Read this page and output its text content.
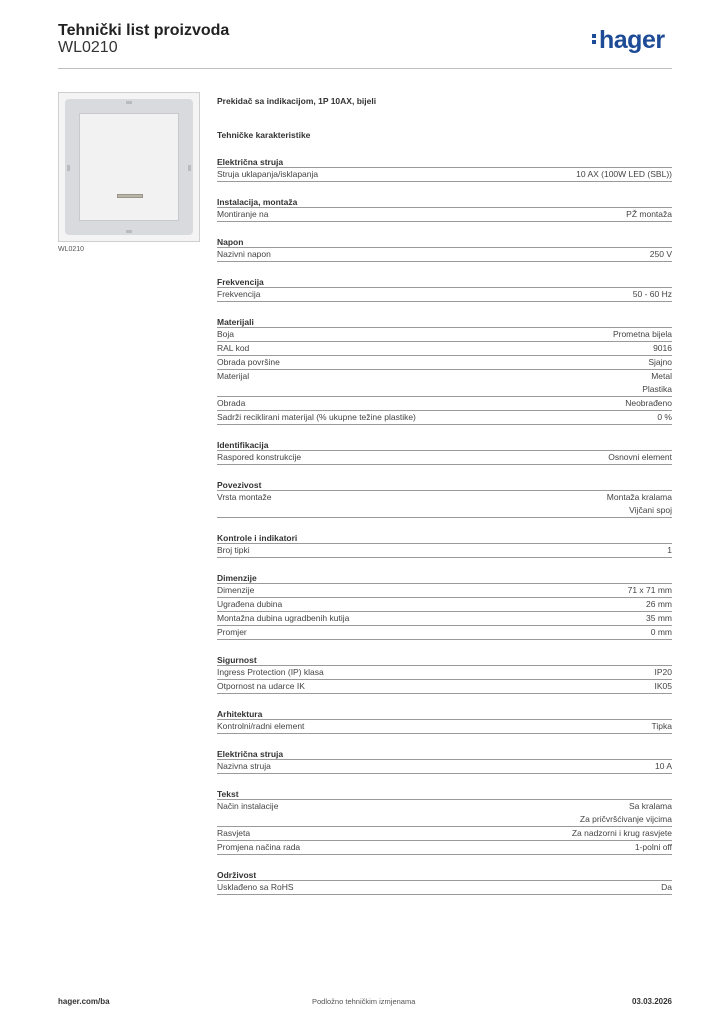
Tehnički list proizvoda
WL0210	hager
WL0210
Prekidač sa indikacijom, 1P 10AX, bijeli
Tehničke karakteristike
Električna struja
Struja uklapanja/isklapanja	10 AX (100W LED (SBL))
Instalacija, montaža
Montiranje na	PŽ montaža
Napon
Nazivni napon	250 V
Frekvencija
Frekvencija	50 - 60 Hz
Materijali
Boja	Prometna bijela
RAL kod	9016
Obrada površine	Sjajno
Materijal	Metal
Plastika
Obrada	Neobrađeno
Sadrži reciklirani materijal (% ukupne težine plastike)	0 %
Identifikacija
Raspored konstrukcije	Osnovni element
Povezivost
Vrsta montaže	Montaža kralama
Vijčani spoj
Kontrole i indikatori
Broj tipki	1
Dimenzije
Dimenzije	71 x 71 mm
Ugrađena dubina	26 mm
Montažna dubina ugradbenih kutija	35 mm
Promjer	0 mm
Sigurnost
Ingress Protection (IP) klasa	IP20
Otpornost na udarce IK	IK05
Arhitektura
Kontrolni/radni element	Tipka
Električna struja
Nazivna struja	10 A
Tekst
Način instalacije	Sa kralama
Za pričvršćivanje vijcima
Rasvjeta	Za nadzorni i krug rasvjete
Promjena načina rada	1-polni off
Održivost
Usklađeno sa RoHS	Da
hager.com/ba	Podložno tehničkim izmjenama	03.03.2026
